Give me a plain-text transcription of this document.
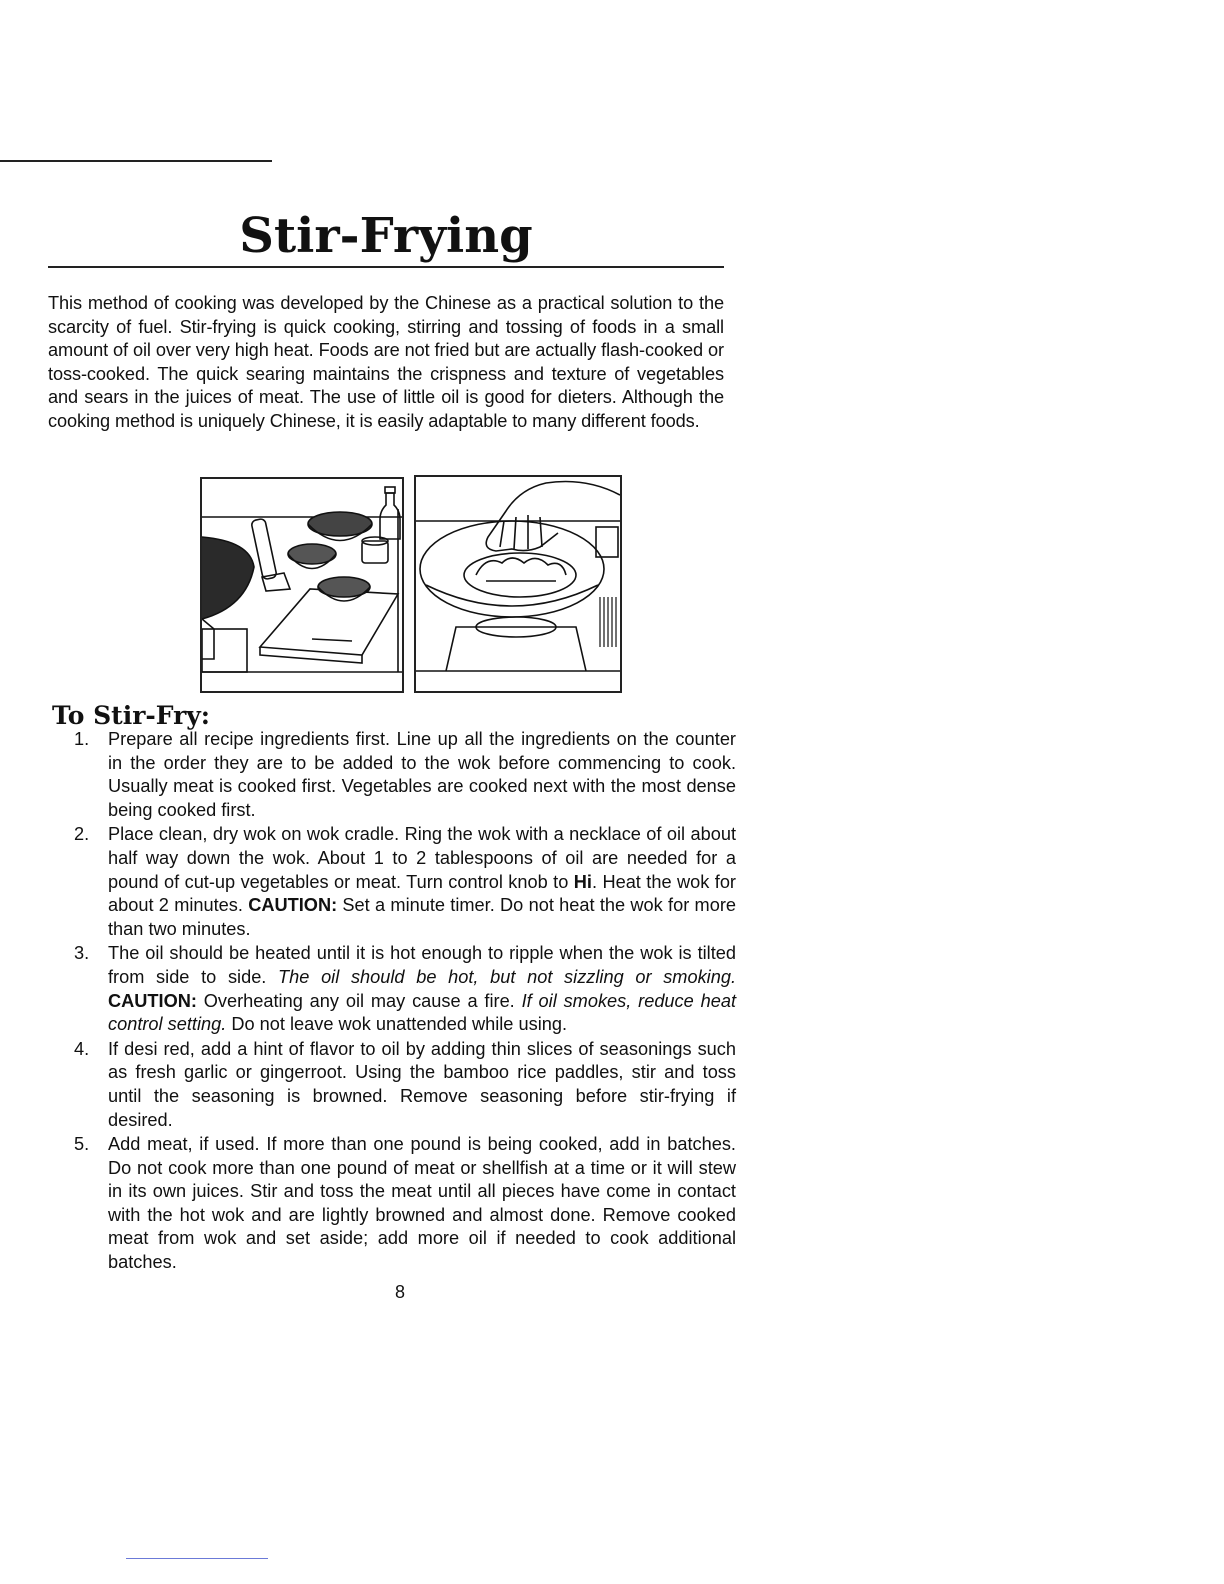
Stir-Frying

This method of cooking was developed by the Chinese as a practical solution to the scarcity of fuel. Stir-frying is quick cooking, stirring and tossing of foods in a small amount of oil over very high heat. Foods are not fried but are actually flash-cooked or toss-cooked. The quick searing maintains the crispness and texture of vegetables and sears in the juices of meat. The use of little oil is good for dieters. Although the cooking method is uniquely Chinese, it is easily adaptable to many different foods.

To Stir-Fry:
1.	Prepare all recipe ingredients first. Line up all the ingredients on the counter in the order they are to be added to the wok before commencing to cook. Usually meat is cooked first. Vegetables are cooked next with the most dense being cooked first.
2.	Place clean, dry wok on wok cradle. Ring the wok with a necklace of oil about half way down the wok. About 1 to 2 tablespoons of oil are needed for a pound of cut-up vegetables or meat. Turn control knob to Hi. Heat the wok for about 2 minutes. CAUTION: Set a minute timer. Do not heat the wok for more than two minutes.
3.	The oil should be heated until it is hot enough to ripple when the wok is tilted from side to side. The oil should be hot, but not sizzling or smoking. CAUTION: Overheating any oil may cause a fire. If oil smokes, reduce heat control setting. Do not leave wok unattended while using.
4.	If desi red, add a hint of flavor to oil by adding thin slices of seasonings such as fresh garlic or gingerroot. Using the bamboo rice paddles, stir and toss until the seasoning is browned. Remove seasoning before stir-frying if desired.
5.	Add meat, if used. If more than one pound is being cooked, add in batches. Do not cook more than one pound of meat or shellfish at a time or it will stew in its own juices. Stir and toss the meat until all pieces have come in contact with the hot wok and are lightly browned and almost done. Remove cooked meat from wok and set aside; add more oil if needed to cook additional batches.
8
